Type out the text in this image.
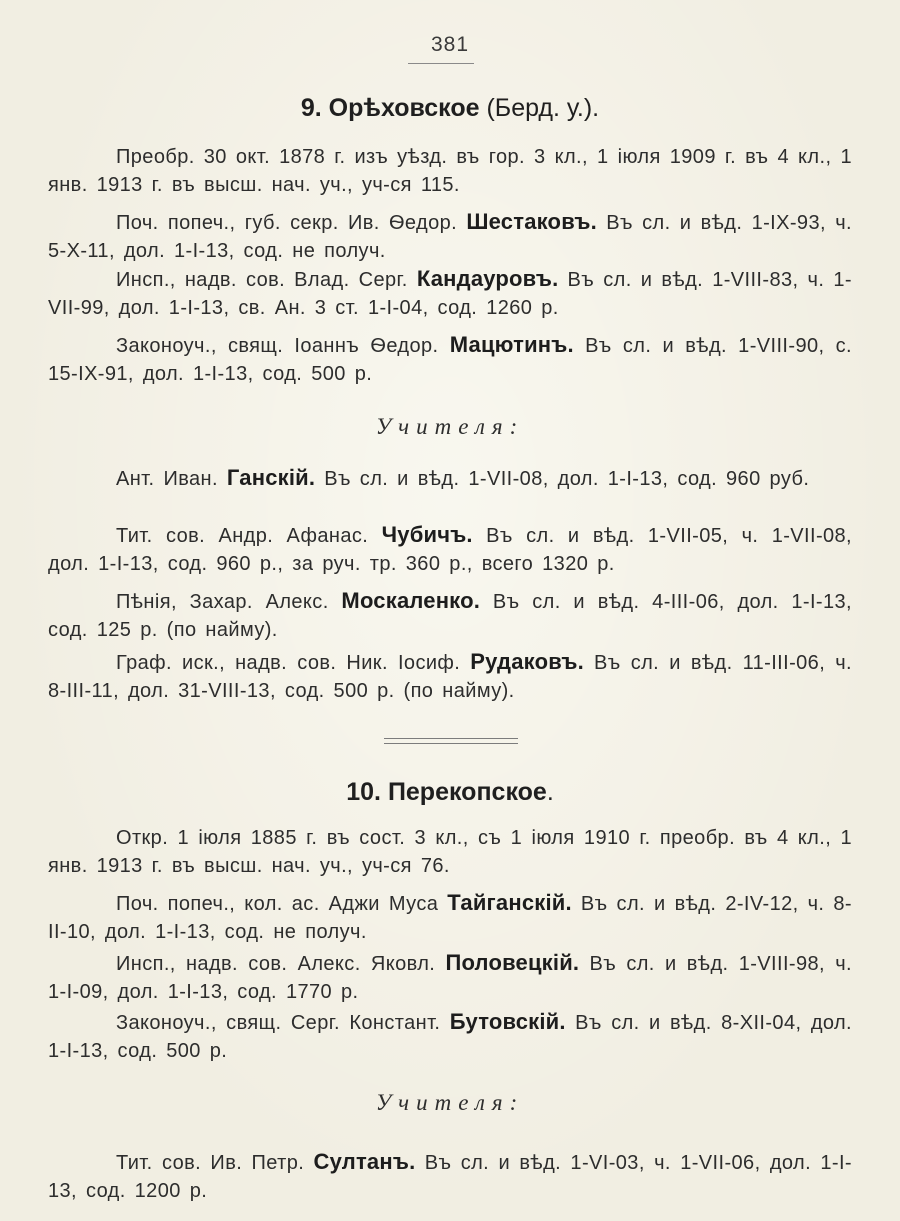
381
9. Орѣховское (Берд. у.).
Преобр. 30 окт. 1878 г. изъ уѣзд. въ гор. 3 кл., 1 іюля 1909 г. въ 4 кл., 1 янв. 1913 г. въ высш. нач. уч., уч-ся 115.
Поч. попеч., губ. секр. Ив. Ѳедор. Шестаковъ. Въ сл. и вѣд. 1-IX-93, ч. 5-X-11, дол. 1-I-13, сод. не получ.
Инсп., надв. сов. Влад. Серг. Кандауровъ. Въ сл. и вѣд. 1-VIII-83, ч. 1-VII-99, дол. 1-I-13, св. Ан. 3 ст. 1-I-04, сод. 1260 р.
Законоуч., свящ. Іоаннъ Ѳедор. Мацютинъ. Въ сл. и вѣд. 1-VIII-90, с. 15-IX-91, дол. 1-I-13, сод. 500 р.
Учителя:
Ант. Иван. Ганскій. Въ сл. и вѣд. 1-VII-08, дол. 1-I-13, сод. 960 руб.
Тит. сов. Андр. Афанас. Чубичъ. Въ сл. и вѣд. 1-VII-05, ч. 1-VII-08, дол. 1-I-13, сод. 960 р., за руч. тр. 360 р., всего 1320 р.
Пѣнія, Захар. Алекс. Москаленко. Въ сл. и вѣд. 4-III-06, дол. 1-I-13, сод. 125 р. (по найму).
Граф. иск., надв. сов. Ник. Іосиф. Рудаковъ. Въ сл. и вѣд. 11-III-06, ч. 8-III-11, дол. 31-VIII-13, сод. 500 р. (по найму).
10. Перекопское.
Откр. 1 іюля 1885 г. въ сост. 3 кл., съ 1 іюля 1910 г. преобр. въ 4 кл., 1 янв. 1913 г. въ высш. нач. уч., уч-ся 76.
Поч. попеч., кол. ас. Аджи Муса Тайганскій. Въ сл. и вѣд. 2-IV-12, ч. 8-II-10, дол. 1-I-13, сод. не получ.
Инсп., надв. сов. Алекс. Яковл. Половецкій. Въ сл. и вѣд. 1-VIII-98, ч. 1-I-09, дол. 1-I-13, сод. 1770 р.
Законоуч., свящ. Серг. Констант. Бутовскій. Въ сл. и вѣд. 8-XII-04, дол. 1-I-13, сод. 500 р.
Учителя:
Тит. сов. Ив. Петр. Султанъ. Въ сл. и вѣд. 1-VI-03, ч. 1-VII-06, дол. 1-I-13, сод. 1200 р.
